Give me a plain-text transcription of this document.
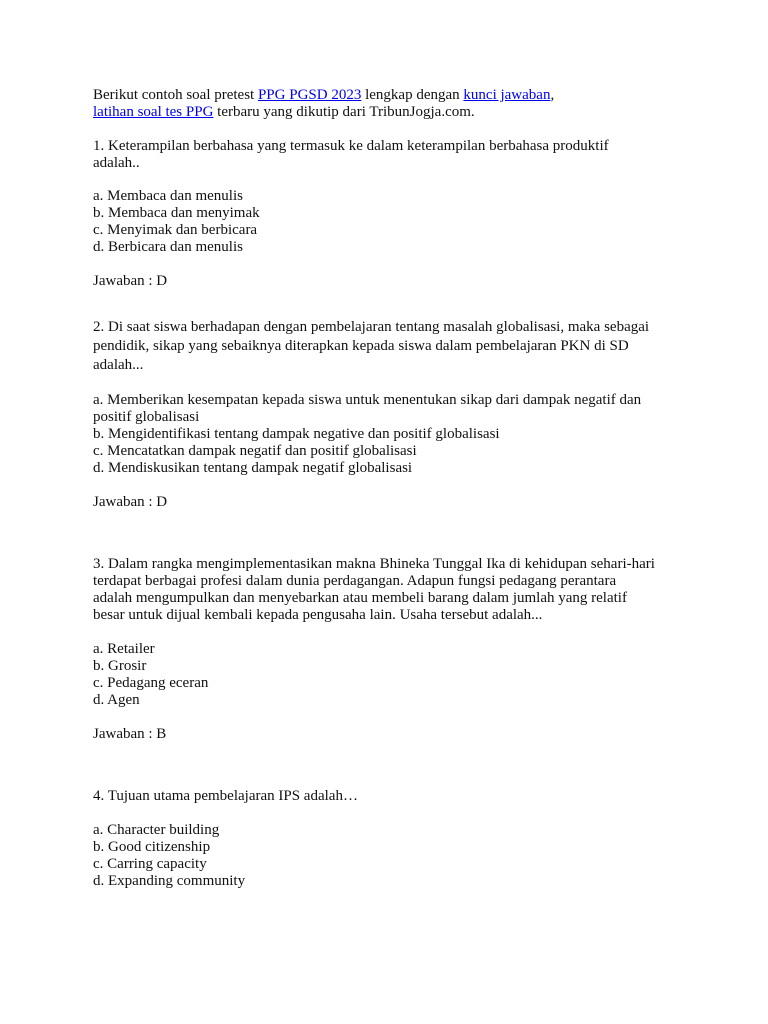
Berikut contoh soal pretest PPG PGSD 2023 lengkap dengan kunci jawaban,
latihan soal tes PPG terbaru yang dikutip dari TribunJogja.com.
1. Keterampilan berbahasa yang termasuk ke dalam keterampilan berbahasa produktif
adalah..
a. Membaca dan menulis
b. Membaca dan menyimak
c. Menyimak dan berbicara
d. Berbicara dan menulis
Jawaban : D
2. Di saat siswa berhadapan dengan pembelajaran tentang masalah globalisasi, maka sebagai
pendidik, sikap yang sebaiknya diterapkan kepada siswa dalam pembelajaran PKN di SD
adalah...
a. Memberikan kesempatan kepada siswa untuk menentukan sikap dari dampak negatif dan
positif globalisasi
b. Mengidentifikasi tentang dampak negative dan positif globalisasi
c. Mencatatkan dampak negatif dan positif globalisasi
d. Mendiskusikan tentang dampak negatif globalisasi
Jawaban : D
3. Dalam rangka mengimplementasikan makna Bhineka Tunggal Ika di kehidupan sehari-hari
terdapat berbagai profesi dalam dunia perdagangan. Adapun fungsi pedagang perantara
adalah mengumpulkan dan menyebarkan atau membeli barang dalam jumlah yang relatif
besar untuk dijual kembali kepada pengusaha lain. Usaha tersebut adalah...
a. Retailer
b. Grosir
c. Pedagang eceran
d. Agen
Jawaban : B
4. Tujuan utama pembelajaran IPS adalah…
a. Character building
b. Good citizenship
c. Carring capacity
d. Expanding community
